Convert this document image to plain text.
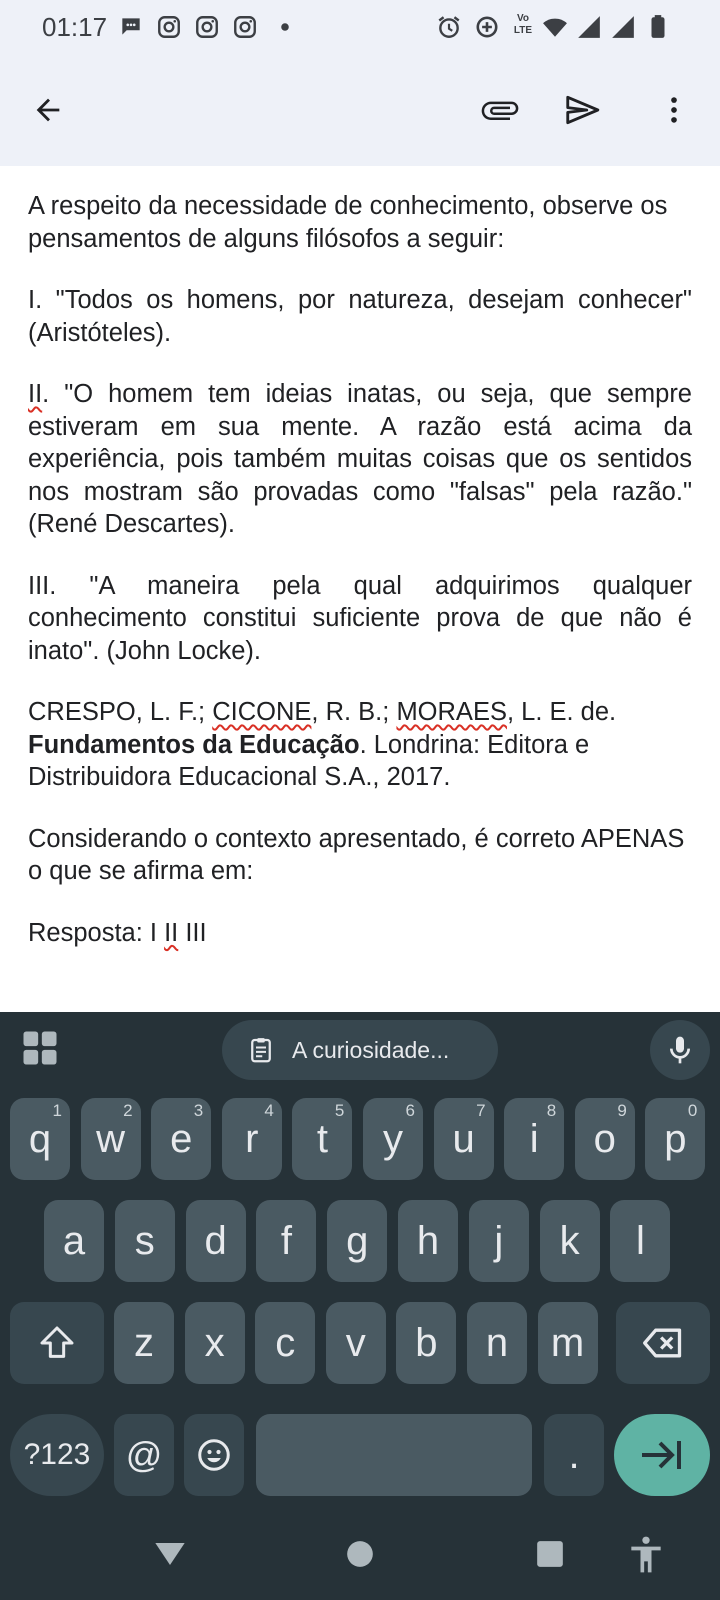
01:17	Vo LTE

A respeito da necessidade de conhecimento, observe os pensamentos de alguns filósofos a seguir:

I. "Todos os homens, por natureza, desejam conhecer" (Aristóteles).

II. "O homem tem ideias inatas, ou seja, que sempre estiveram em sua mente. A razão está acima da experiência, pois também muitas coisas que os sentidos nos mostram são provadas como "falsas" pela razão." (René Descartes).

III. "A maneira pela qual adquirimos qualquer conhecimento constitui suficiente prova de que não é inato". (John Locke).

CRESPO, L. F.; CICONE, R. B.; MORAES, L. E. de. Fundamentos da Educação. Londrina: Editora e Distribuidora Educacional S.A., 2017.

Considerando o contexto apresentado, é correto APENAS o que se afirma em:

Resposta: I II III

A curiosidade...
q
1
w
2
e
3
r
4
t
5
y
6
u
7
i
8
o
9
p
0
a s d f g h j k l
z x c v b n m
?123 @	.
